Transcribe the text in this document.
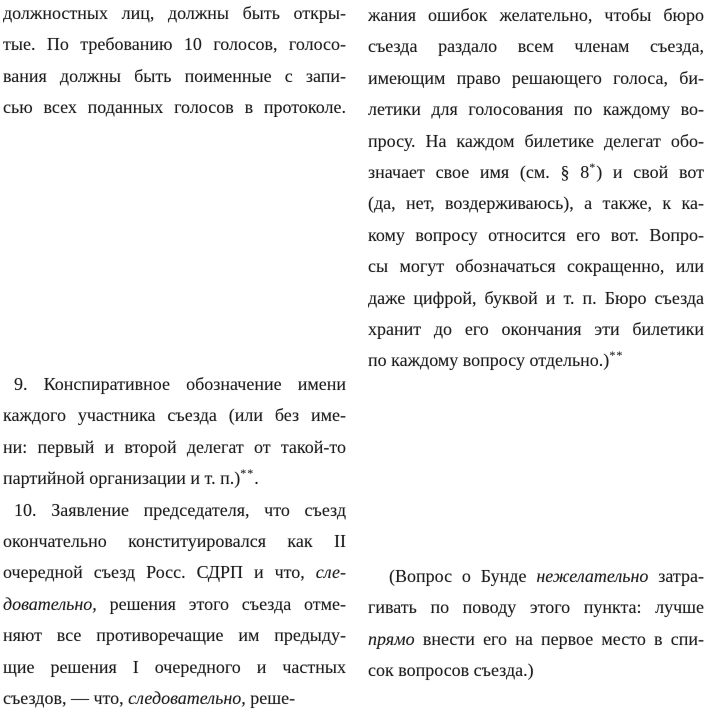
должностных лиц, должны быть откры-
тые. По требованию 10 голосов, голосо-
вания должны быть поименные с запи-
сью всех поданных голосов в протоколе.
9. Конспиративное обозначение имени
каждого участника съезда (или без име-
ни: первый и второй делегат от такой-то
партийной организации и т. п.)**.
10. Заявление председателя, что съезд
окончательно конституировался как II
очередной съезд Росс. СДРП и что, сле-
довательно, решения этого съезда отме-
няют все противоречащие им предыду-
щие решения I очередного и частных
съездов, — что, следовательно, реше-
жания ошибок желательно, чтобы бюро
съезда раздало всем членам съезда,
имеющим право решающего голоса, би-
летики для голосования по каждому во-
просу. На каждом билетике делегат обо-
значает свое имя (см. § 8*) и свой вот
(да, нет, воздерживаюсь), а также, к ка-
кому вопросу относится его вот. Вопро-
сы могут обозначаться сокращенно, или
даже цифрой, буквой и т. п. Бюро съезда
хранит до его окончания эти билетики
по каждому вопросу отдельно.)**
(Вопрос о Бунде нежелательно затра-
гивать по поводу этого пункта: лучше
прямо внести его на первое место в спи-
сок вопросов съезда.)
